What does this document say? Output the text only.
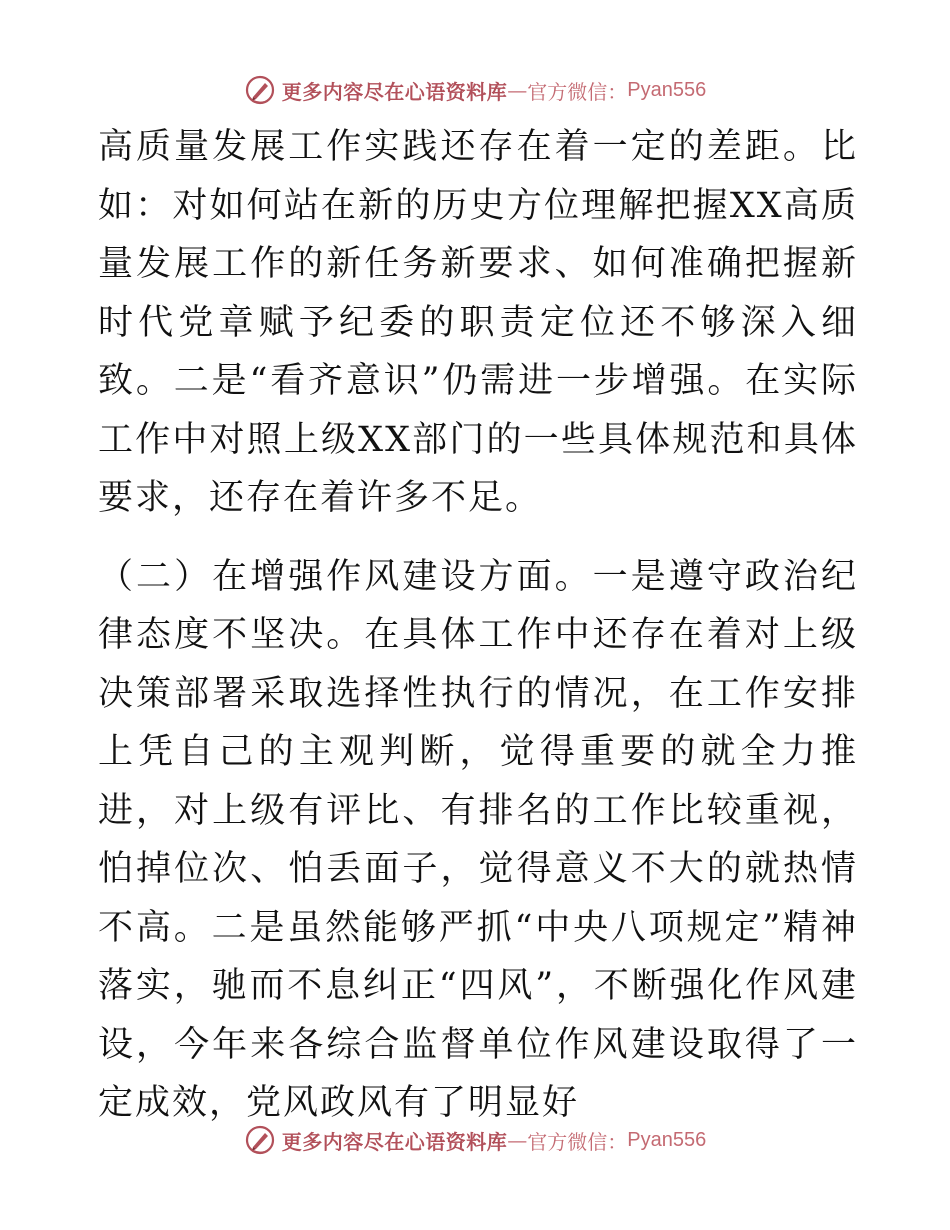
更多内容尽在心语资料库 — 官方微信： Pyan556

高质量发展工作实践还存在着一定的差距。比如：对如何站在新的历史方位理解把握XX高质量发展工作的新任务新要求、如何准确把握新时代党章赋予纪委的职责定位还不够深入细致。二是“看齐意识”仍需进一步增强。在实际工作中对照上级XX部门的一些具体规范和具体要求，还存在着许多不足。

（二）在增强作风建设方面。一是遵守政治纪律态度不坚决。在具体工作中还存在着对上级决策部署采取选择性执行的情况，在工作安排上凭自己的主观判断，觉得重要的就全力推进，对上级有评比、有排名的工作比较重视，怕掉位次、怕丢面子，觉得意义不大的就热情不高。二是虽然能够严抓“中央八项规定”精神落实，驰而不息纠正“四风”，不断强化作风建设，今年来各综合监督单位作风建设取得了一定成效，党风政风有了明显好

更多内容尽在心语资料库 — 官方微信： Pyan556
